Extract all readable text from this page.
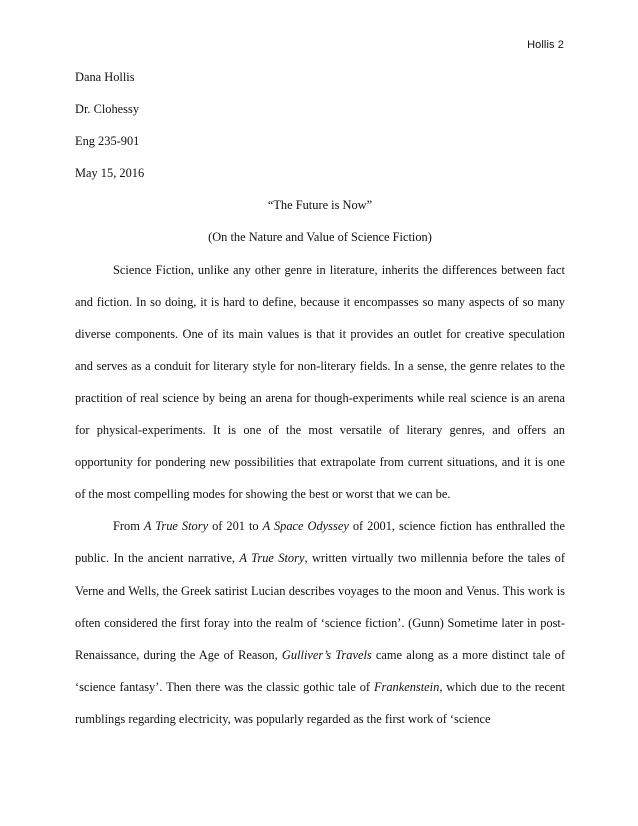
Hollis 2

Dana Hollis

Dr. Clohessy

Eng 235-901

May 15, 2016

“The Future is Now”

(On the Nature and Value of Science Fiction)

Science Fiction, unlike any other genre in literature, inherits the differences between fact and fiction. In so doing, it is hard to define, because it encompasses so many aspects of so many diverse components. One of its main values is that it provides an outlet for creative speculation and serves as a conduit for literary style for non-literary fields. In a sense, the genre relates to the practition of real science by being an arena for though-experiments while real science is an arena for physical-experiments. It is one of the most versatile of literary genres, and offers an opportunity for pondering new possibilities that extrapolate from current situations, and it is one of the most compelling modes for showing the best or worst that we can be.

From A True Story of 201 to A Space Odyssey of 2001, science fiction has enthralled the public. In the ancient narrative, A True Story, written virtually two millennia before the tales of Verne and Wells, the Greek satirist Lucian describes voyages to the moon and Venus. This work is often considered the first foray into the realm of ‘science fiction’. (Gunn) Sometime later in post-Renaissance, during the Age of Reason, Gulliver’s Travels came along as a more distinct tale of ‘science fantasy’. Then there was the classic gothic tale of Frankenstein, which due to the recent rumblings regarding electricity, was popularly regarded as the first work of ‘science
